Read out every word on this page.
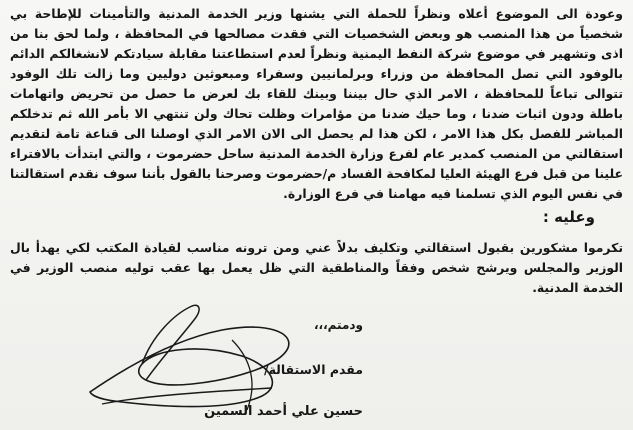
وعودة الى الموضوع أعلاه ونظراً للحملة التي يشنها وزير الخدمة المدنية والتأمينات للإطاحة بي شخصياً من هذا المنصب هو وبعض الشخصيات التي فقدت مصالحها في المحافظة ، ولما لحق بنا من اذى وتشهير في موضوع شركة النفط اليمنية ونظراً لعدم استطاعتنا مقابلة سيادتكم لانشغالكم الدائم بالوفود التي تصل المحافظة من وزراء وبرلمانيين وسفراء ومبعوثين دوليين وما زالت تلك الوفود تتوالى تباعاً للمحافظة ، الامر الذي حال بيننا وبينك للقاء بك لعرض ما حصل من تحريض واتهامات باطلة ودون اثبات ضدنا ، وما حيك ضدنا من مؤامرات وظلت تحاك ولن تنتهي الا بأمر الله ثم تدخلكم المباشر للفصل بكل هذا الامر ، لكن هذا لم يحصل الى الان الامر الذي اوصلنا الى قناعة تامة لتقديم استقالتي من المنصب كمدير عام لفرع وزارة الخدمة المدنية ساحل حضرموت ، والتي ابتدأت بالافتراء علينا من قبل فرع الهيئة العليا لمكافحة الفساد م/حضرموت وصرحنا بالقول بأننا سوف نقدم استقالتنا في نفس اليوم الذي تسلمنا فيه مهامنا في فرع الوزارة.

وعليه :

تكرموا مشكورين بقبول استقالتي وتكليف بدلاً عني ومن ترونه مناسب لقيادة المكتب لكي يهدأ بال الوزير والمجلس ويرشح شخص وفقاً والمناطقية التي ظل يعمل بها عقب توليه منصب الوزير في الخدمة المدنية.

ودمتم،،،
مقدم الاستقالة/
حسين علي أحمد السمين
